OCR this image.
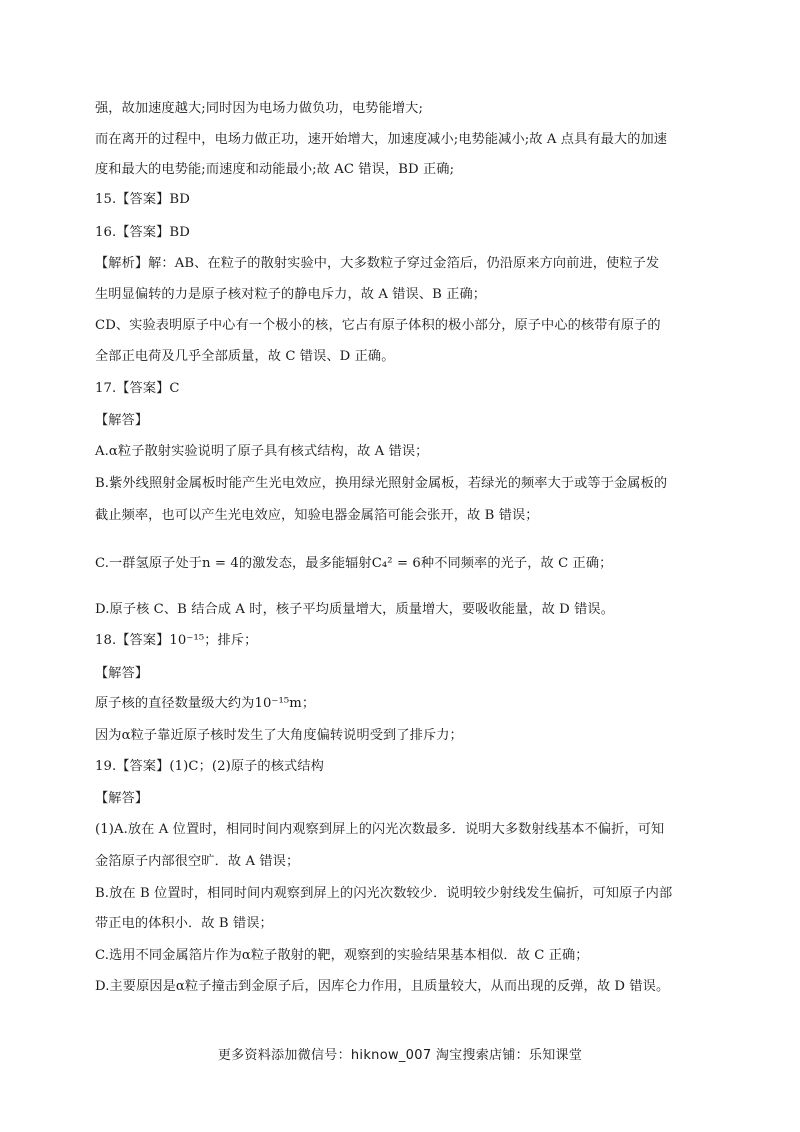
强，故加速度越大;同时因为电场力做负功，电势能增大;
而在离开的过程中，电场力做正功，速开始增大，加速度减小;电势能减小;故 A 点具有最大的加速
度和最大的电势能;而速度和动能最小;故 AC 错误，BD 正确;
15.【答案】BD
16.【答案】BD
【解析】解：AB、在粒子的散射实验中，大多数粒子穿过金箔后，仍沿原来方向前进，使粒子发
生明显偏转的力是原子核对粒子的静电斥力，故 A 错误、B 正确；
CD、实验表明原子中心有一个极小的核，它占有原子体积的极小部分，原子中心的核带有原子的
全部正电荷及几乎全部质量，故 C 错误、D 正确。
17.【答案】C
【解答】
A.α粒子散射实验说明了原子具有核式结构，故 A 错误；
B.紫外线照射金属板时能产生光电效应，换用绿光照射金属板，若绿光的频率大于或等于金属板的
截止频率，也可以产生光电效应，知验电器金属箔可能会张开，故 B 错误；
C.一群氢原子处于n = 4的激发态，最多能辐射C₄² = 6种不同频率的光子，故 C 正确；
D.原子核 C、B 结合成 A 时，核子平均质量增大，质量增大，要吸收能量，故 D 错误。
18.【答案】10⁻¹⁵；排斥；
【解答】
原子核的直径数量级大约为10⁻¹⁵m；
因为α粒子靠近原子核时发生了大角度偏转说明受到了排斥力；
19.【答案】(1)C；(2)原子的核式结构
【解答】
(1)A.放在 A 位置时，相同时间内观察到屏上的闪光次数最多．说明大多数射线基本不偏折，可知
金箔原子内部很空旷．故 A 错误；
B.放在 B 位置时，相同时间内观察到屏上的闪光次数较少．说明较少射线发生偏折，可知原子内部
带正电的体积小．故 B 错误；
C.选用不同金属箔片作为α粒子散射的靶，观察到的实验结果基本相似．故 C 正确；
D.主要原因是α粒子撞击到金原子后，因库仑力作用，且质量较大，从而出现的反弹，故 D 错误。
更多资料添加微信号：hiknow_007 淘宝搜索店铺：乐知课堂
